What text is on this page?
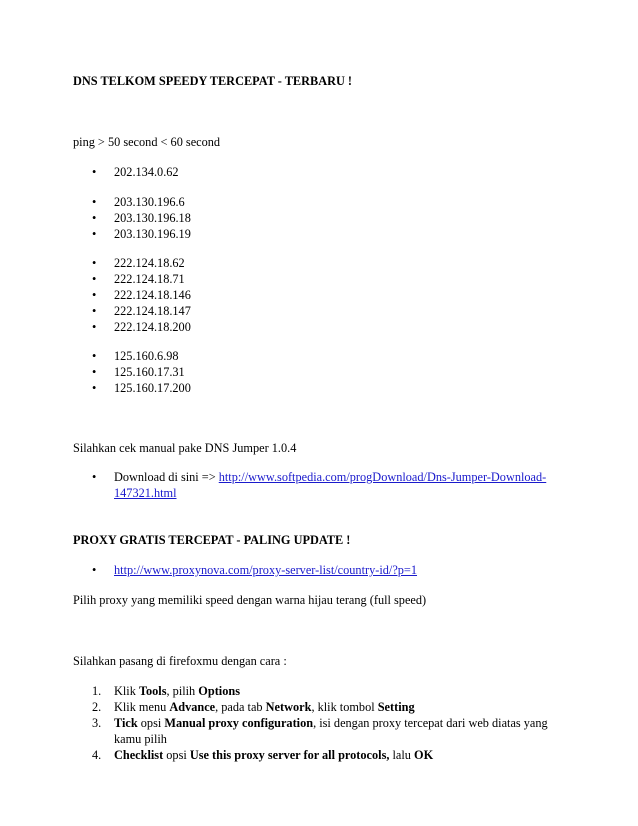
DNS TELKOM SPEEDY TERCEPAT - TERBARU !
ping > 50 second < 60 second
•	202.134.0.62
•	203.130.196.6
•	203.130.196.18
•	203.130.196.19
•	222.124.18.62
•	222.124.18.71
•	222.124.18.146
•	222.124.18.147
•	222.124.18.200
•	125.160.6.98
•	125.160.17.31
•	125.160.17.200
Silahkan cek manual pake DNS Jumper 1.0.4
•	Download di sini => http://www.softpedia.com/progDownload/Dns-Jumper-Download-
147321.html
PROXY GRATIS TERCEPAT - PALING UPDATE !
•	http://www.proxynova.com/proxy-server-list/country-id/?p=1
Pilih proxy yang memiliki speed dengan warna hijau terang (full speed)
Silahkan pasang di firefoxmu dengan cara :
1.	Klik Tools, pilih Options
2.	Klik menu Advance, pada tab Network, klik tombol Setting
3.	Tick opsi Manual proxy configuration, isi dengan proxy tercepat dari web diatas yang
kamu pilih
4.	Checklist opsi Use this proxy server for all protocols, lalu OK
